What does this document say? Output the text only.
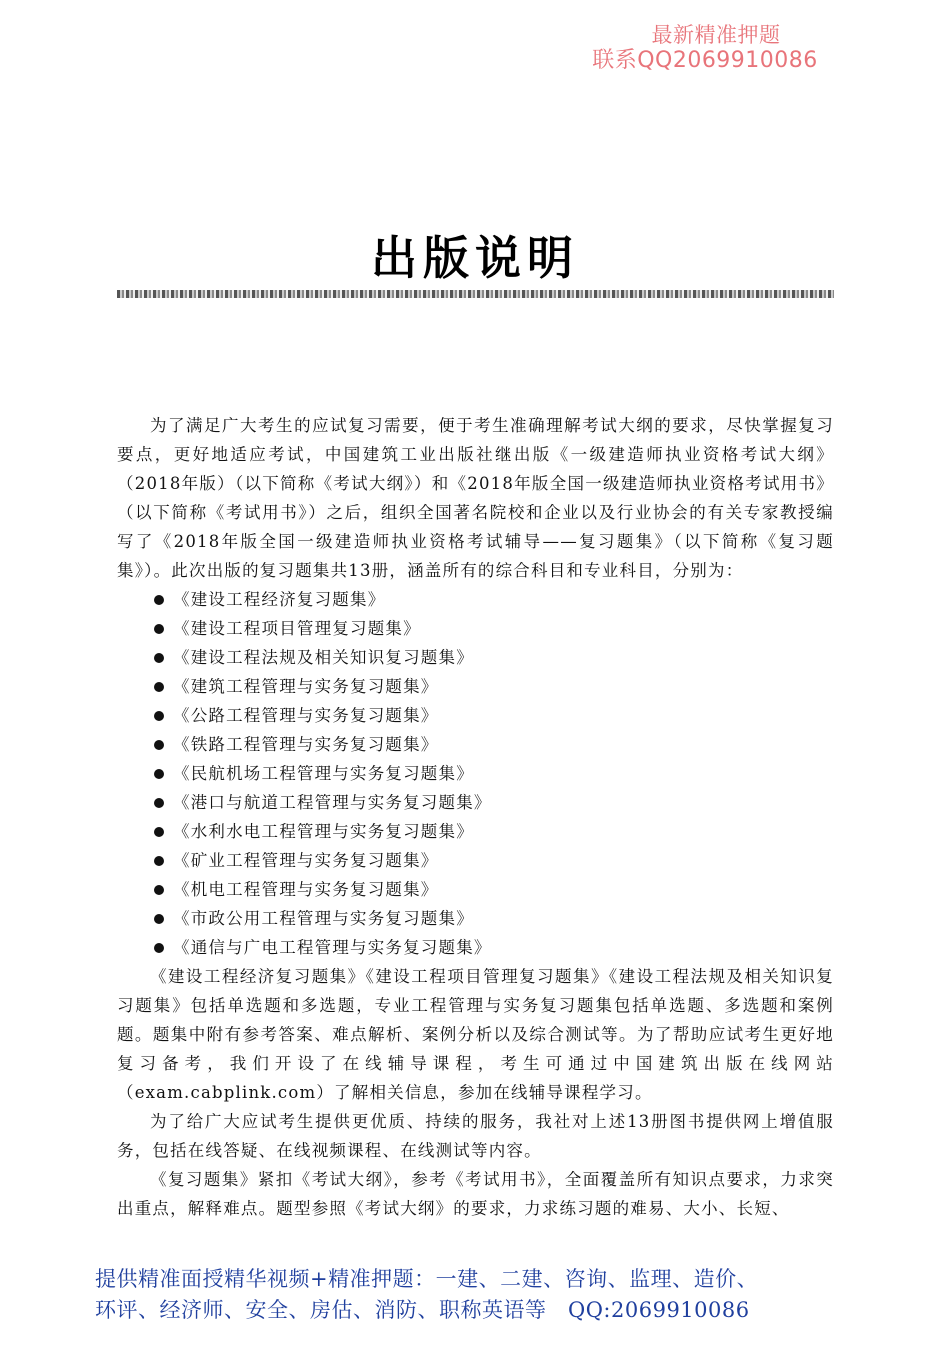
最新精准押题
联系QQ2069910086
出版说明

为了满足广大考生的应试复习需要，便于考生准确理解考试大纲的要求，尽快掌握复习要点，更好地适应考试，中国建筑工业出版社继出版《一级建造师执业资格考试大纲》（2018年版）（以下简称《考试大纲》）和《2018年版全国一级建造师执业资格考试用书》（以下简称《考试用书》）之后，组织全国著名院校和企业以及行业协会的有关专家教授编写了《2018年版全国一级建造师执业资格考试辅导——复习题集》（以下简称《复习题集》）。此次出版的复习题集共13册，涵盖所有的综合科目和专业科目，分别为：

《建设工程经济复习题集》
《建设工程项目管理复习题集》
《建设工程法规及相关知识复习题集》
《建筑工程管理与实务复习题集》
《公路工程管理与实务复习题集》
《铁路工程管理与实务复习题集》
《民航机场工程管理与实务复习题集》
《港口与航道工程管理与实务复习题集》
《水利水电工程管理与实务复习题集》
《矿业工程管理与实务复习题集》
《机电工程管理与实务复习题集》
《市政公用工程管理与实务复习题集》
《通信与广电工程管理与实务复习题集》

《建设工程经济复习题集》《建设工程项目管理复习题集》《建设工程法规及相关知识复习题集》包括单选题和多选题，专业工程管理与实务复习题集包括单选题、多选题和案例题。题集中附有参考答案、难点解析、案例分析以及综合测试等。为了帮助应试考生更好地复习备考，我们开设了在线辅导课程，考生可通过中国建筑出版在线网站（exam.cabplink.com）了解相关信息，参加在线辅导课程学习。

为了给广大应试考生提供更优质、持续的服务，我社对上述13册图书提供网上增值服务，包括在线答疑、在线视频课程、在线测试等内容。

《复习题集》紧扣《考试大纲》，参考《考试用书》，全面覆盖所有知识点要求，力求突出重点，解释难点。题型参照《考试大纲》的要求，力求练习题的难易、大小、长短、

提供精准面授精华视频+精准押题：一建、二建、咨询、监理、造价、
环评、经济师、安全、房估、消防、职称英语等　QQ:2069910086
